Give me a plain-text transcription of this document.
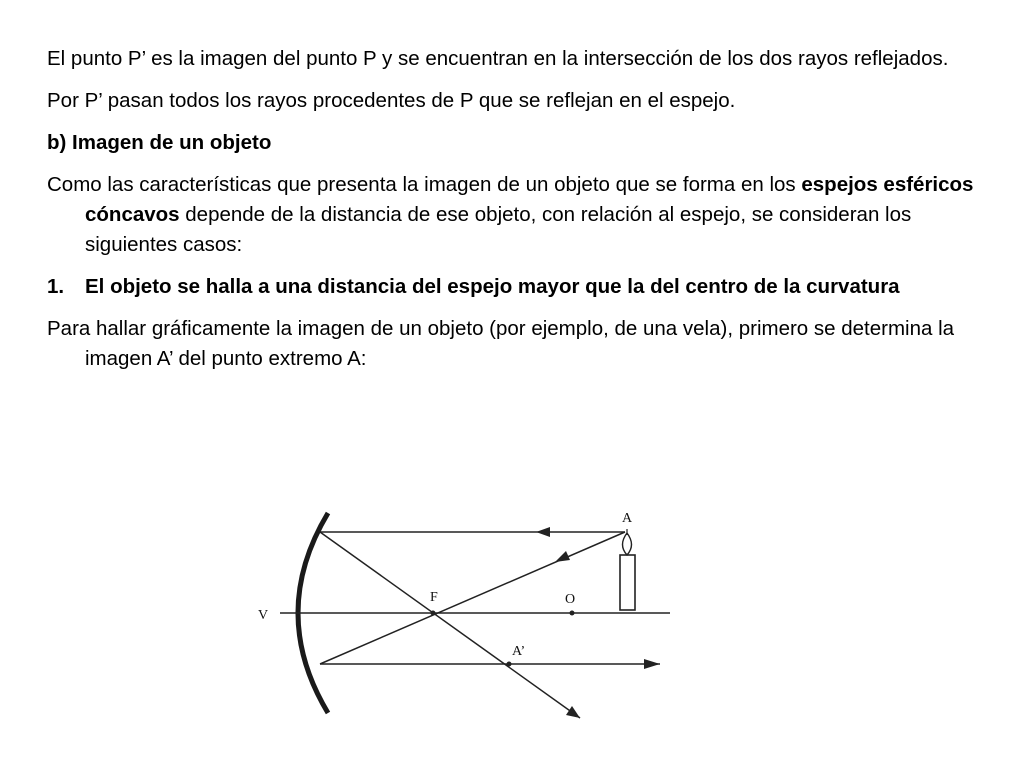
El punto P’ es la imagen del punto P y se encuentran en la intersección de los dos rayos reflejados.

Por P’ pasan todos los rayos procedentes de P que se reflejan en el espejo.

b) Imagen de un objeto

Como las características que presenta la imagen de un objeto que se forma en los espejos esféricos cóncavos depende de la distancia de ese objeto, con relación al espejo, se consideran los siguientes casos:

1. El objeto se halla a una distancia del espejo mayor que la del centro de la curvatura

Para hallar gráficamente la imagen de un objeto (por ejemplo, de una vela), primero se determina la imagen A’ del punto extremo A:

A
F	O
V
A’
